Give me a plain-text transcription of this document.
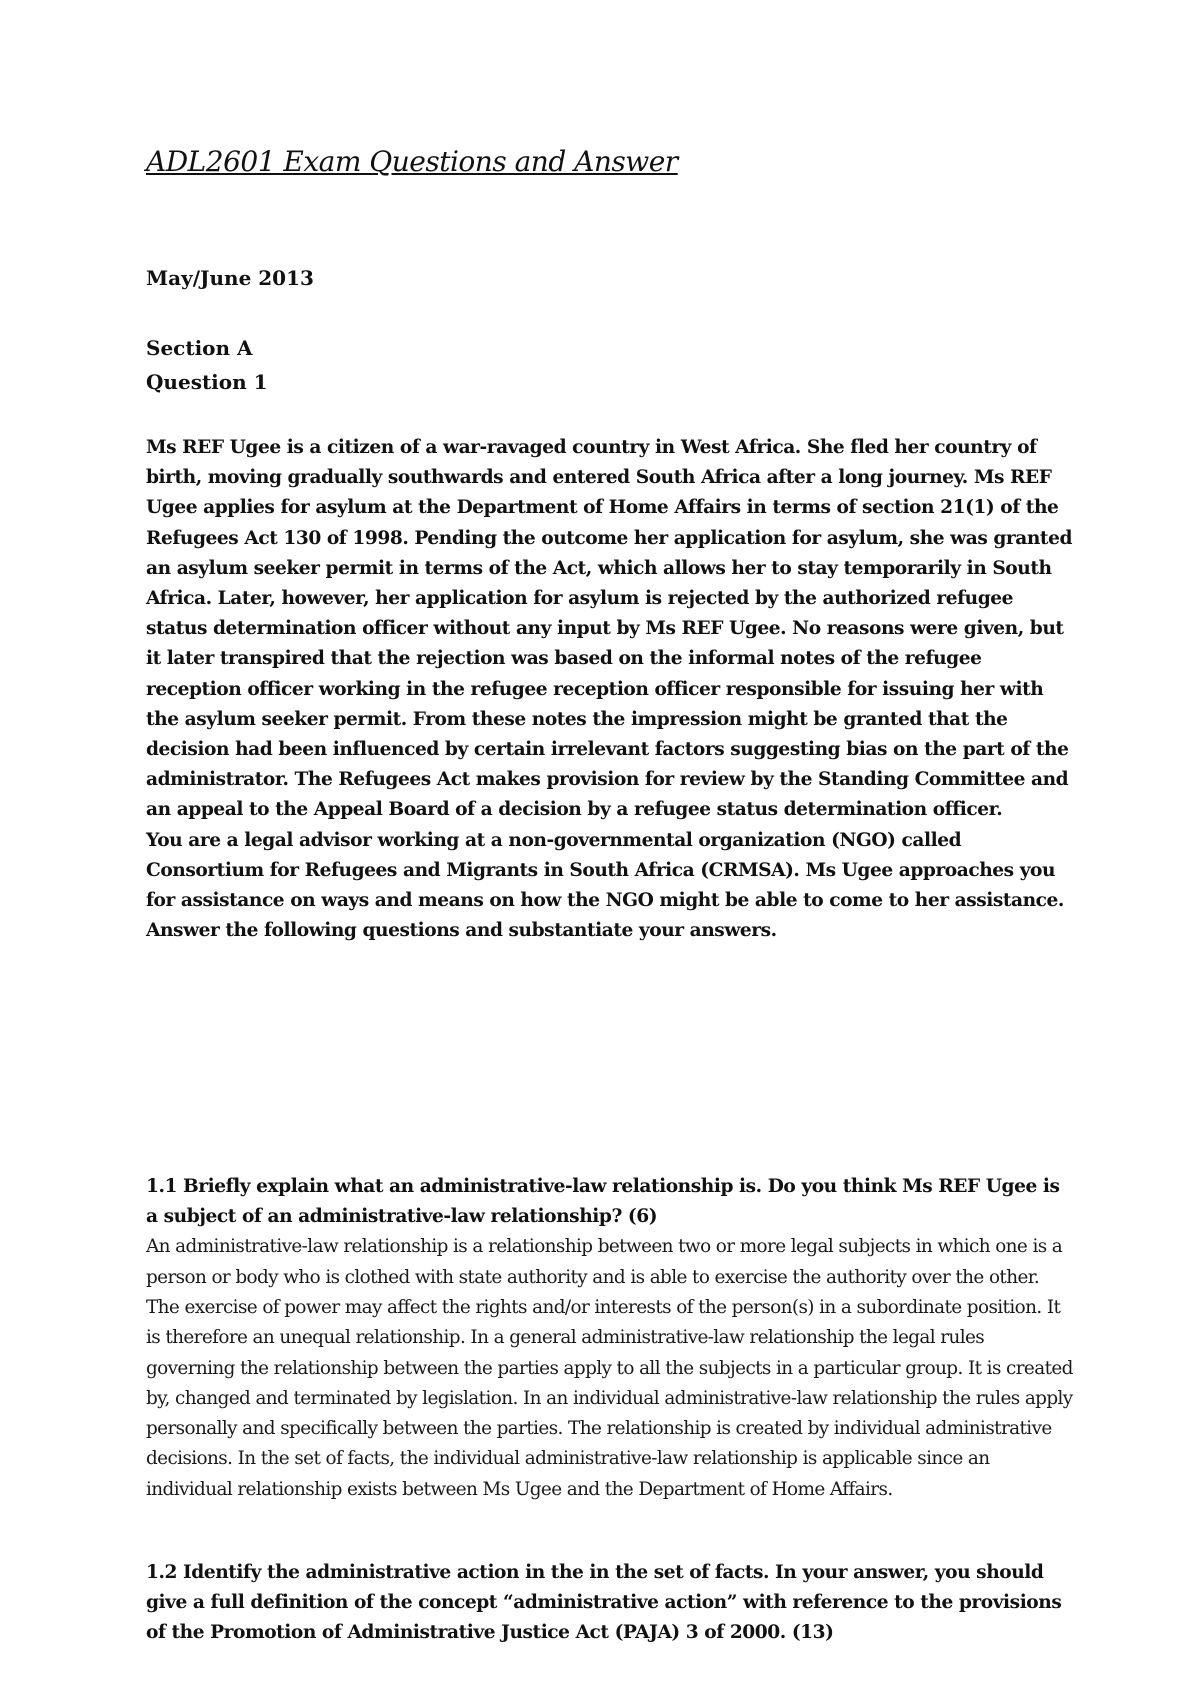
ADL2601 Exam Questions and Answer

May/June 2013

Section A

Question 1

Ms REF Ugee is a citizen of a war-ravaged country in West Africa. She fled her country of birth, moving gradually southwards and entered South Africa after a long journey. Ms REF Ugee applies for asylum at the Department of Home Affairs in terms of section 21(1) of the Refugees Act 130 of 1998. Pending the outcome her application for asylum, she was granted an asylum seeker permit in terms of the Act, which allows her to stay temporarily in South Africa. Later, however, her application for asylum is rejected by the authorized refugee status determination officer without any input by Ms REF Ugee. No reasons were given, but it later transpired that the rejection was based on the informal notes of the refugee reception officer working in the refugee reception officer responsible for issuing her with the asylum seeker permit. From these notes the impression might be granted that the decision had been influenced by certain irrelevant factors suggesting bias on the part of the administrator. The Refugees Act makes provision for review by the Standing Committee and an appeal to the Appeal Board of a decision by a refugee status determination officer.

You are a legal advisor working at a non-governmental organization (NGO) called Consortium for Refugees and Migrants in South Africa (CRMSA). Ms Ugee approaches you for assistance on ways and means on how the NGO might be able to come to her assistance.

Answer the following questions and substantiate your answers.

1.1 Briefly explain what an administrative-law relationship is. Do you think Ms REF Ugee is a subject of an administrative-law relationship? (6)

An administrative-law relationship is a relationship between two or more legal subjects in which one is a person or body who is clothed with state authority and is able to exercise the authority over the other. The exercise of power may affect the rights and/or interests of the person(s) in a subordinate position. It is therefore an unequal relationship. In a general administrative-law relationship the legal rules governing the relationship between the parties apply to all the subjects in a particular group. It is created by, changed and terminated by legislation. In an individual administrative-law relationship the rules apply personally and specifically between the parties. The relationship is created by individual administrative decisions. In the set of facts, the individual administrative-law relationship is applicable since an individual relationship exists between Ms Ugee and the Department of Home Affairs.

1.2 Identify the administrative action in the in the set of facts. In your answer, you should give a full definition of the concept “administrative action” with reference to the provisions of the Promotion of Administrative Justice Act (PAJA) 3 of 2000. (13)
